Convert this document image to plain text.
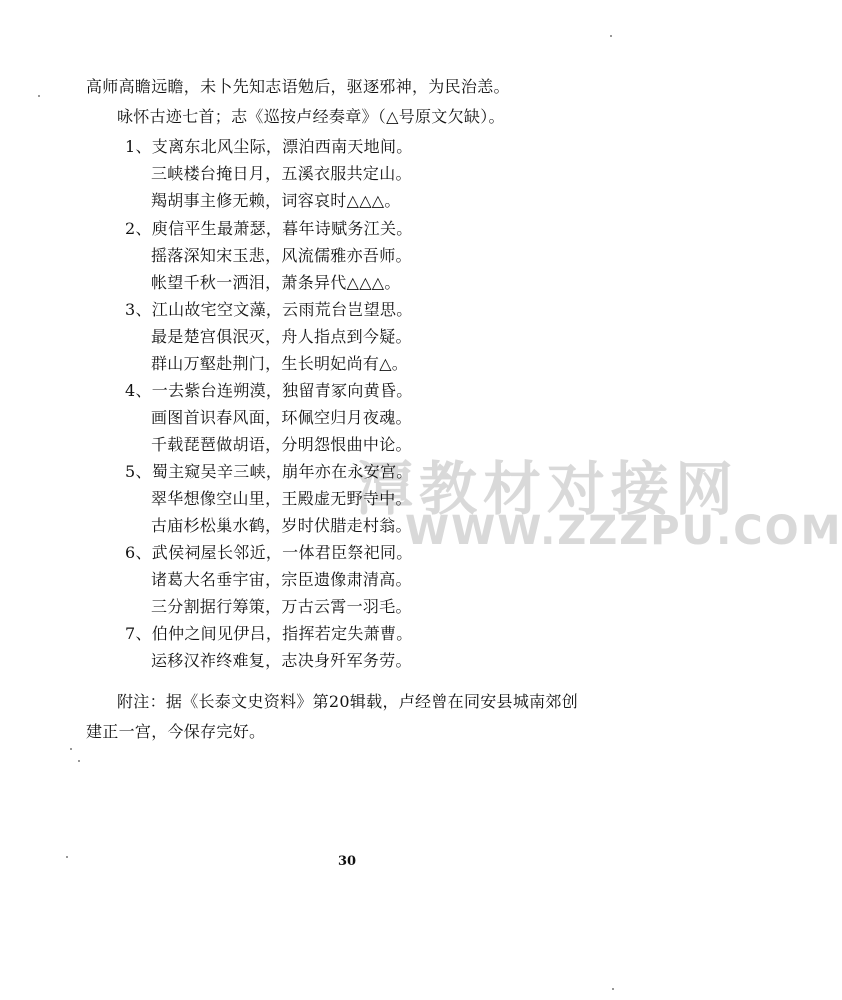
潭教材对接网
WWW.ZZZPU.COM
高师高瞻远瞻，未卜先知志语勉后，驱逐邪神，为民治恙。
咏怀古迹七首；志《巡按卢经奏章》（△号原文欠缺）。
1、支离东北风尘际，漂泊西南天地间。
三峡楼台掩日月，五溪衣服共定山。
羯胡事主修无赖，词容哀时△△△。
2、庾信平生最萧瑟，暮年诗赋务江关。
摇落深知宋玉悲，风流儒雅亦吾师。
帐望千秋一洒泪，萧条异代△△△。
3、江山故宅空文藻，云雨荒台岂望思。
最是楚宫俱泯灭，舟人指点到今疑。
群山万壑赴荆门，生长明妃尚有△。
4、一去紫台连朔漠，独留青冢向黄昏。
画图首识春风面，环佩空归月夜魂。
千载琵琶做胡语，分明怨恨曲中论。
5、蜀主窥吴辛三峡，崩年亦在永安宫。
翠华想像空山里，王殿虚无野寺中。
古庙杉松巢水鹤，岁时伏腊走村翁。
6、武侯祠屋长邻近，一体君臣祭祀同。
诸葛大名垂宇宙，宗臣遗像肃清高。
三分割据行筹策，万古云霄一羽毛。
7、伯仲之间见伊吕，指挥若定失萧曹。
运移汉祚终难复，志决身歼军务劳。
附注：据《长泰文史资料》第20辑载，卢经曾在同安县城南郊创
建正一宫，今保存完好。
30
